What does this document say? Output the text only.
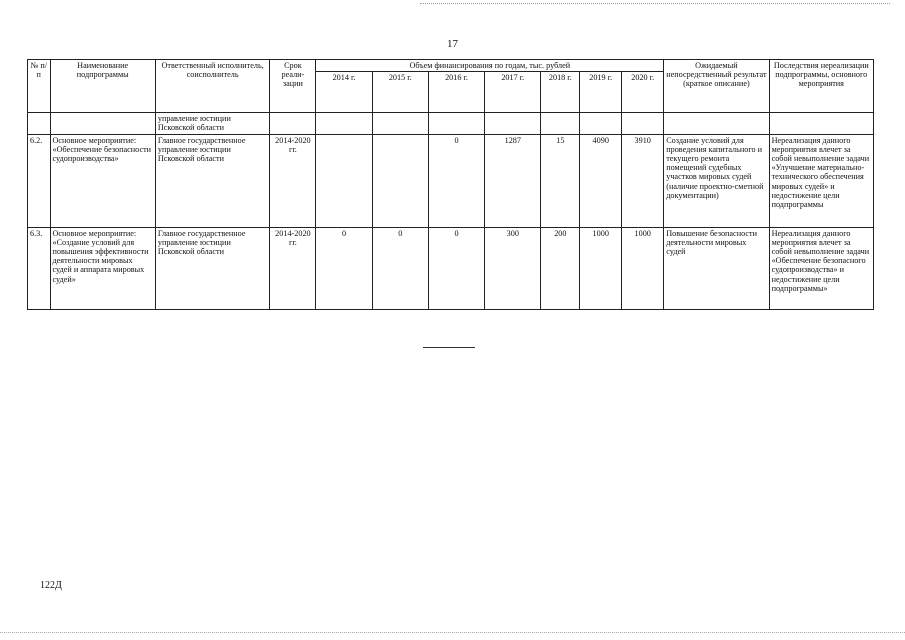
17
№ п/п	Наименование подпрограммы	Ответственный исполнитель, соисполнитель	Срок реали-зации	Объем финансирования по годам, тыс. рублей							Ожидаемый непосредственный результат (краткое описание)	Последствия нереализации подпрограммы, основного мероприятия
				2014 г.	2015 г.	2016 г.	2017 г.	2018 г.	2019 г.	2020 г.		
		управление юстиции Псковской области										
6.2.	Основное мероприятие: «Обеспечение безопасности судопроизводства»	Главное государственное управление юстиции Псковской области	2014-2020 гг.			0	1287	15	4090	3910	Создание условий для проведения капитального и текущего ремонта помещений судебных участков мировых судей (наличие проектно-сметной документации)	Нереализация данного мероприятия влечет за собой невыполнение задачи «Улучшение материально-технического обеспечения мировых судей» и недостижение цели подпрограммы
6.3.	Основное мероприятие: «Создание условий для повышения эффективности деятельности мировых судей и аппарата мировых судей»	Главное государственное управление юстиции Псковской области	2014-2020 гг.	0	0	0	300	200	1000	1000	Повышение безопасности деятельности мировых судей	Нереализация данного мероприятия влечет за собой невыполнение задачи «Обеспечение безопасного судопроизводства» и недостижение цели подпрограммы»
122Д
